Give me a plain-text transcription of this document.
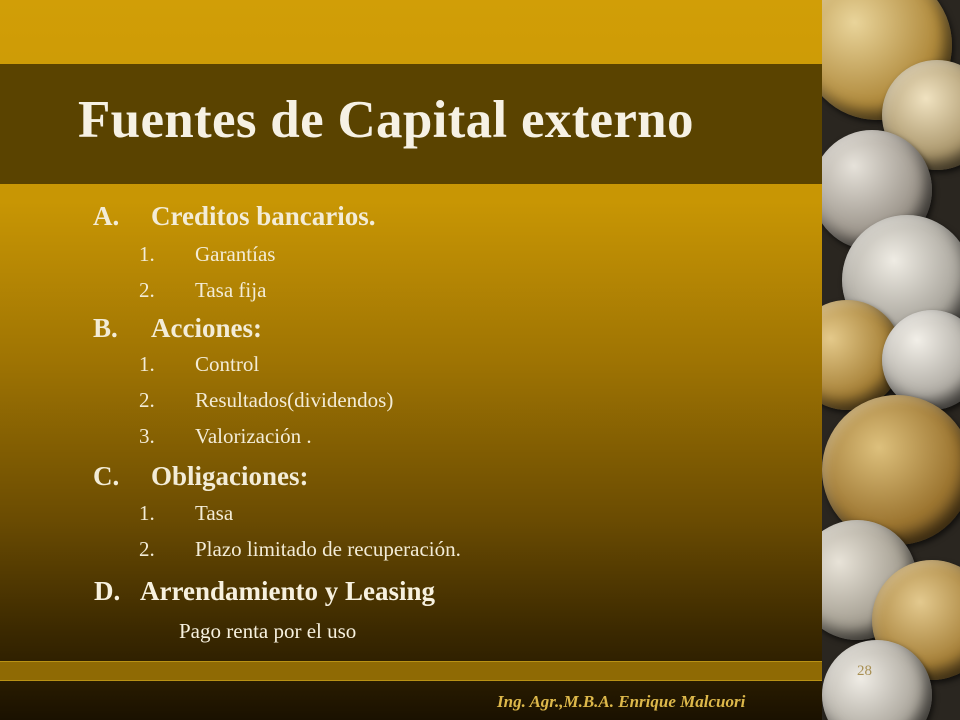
Fuentes de Capital externo
A. Creditos bancarios.
1. Garantías
2. Tasa fija
B. Acciones:
1. Control
2. Resultados(dividendos)
3. Valorización .
C. Obligaciones:
1. Tasa
2. Plazo limitado de recuperación.
D. Arrendamiento y Leasing
Pago renta por el uso
28
Ing. Agr.,M.B.A. Enrique Malcuori
